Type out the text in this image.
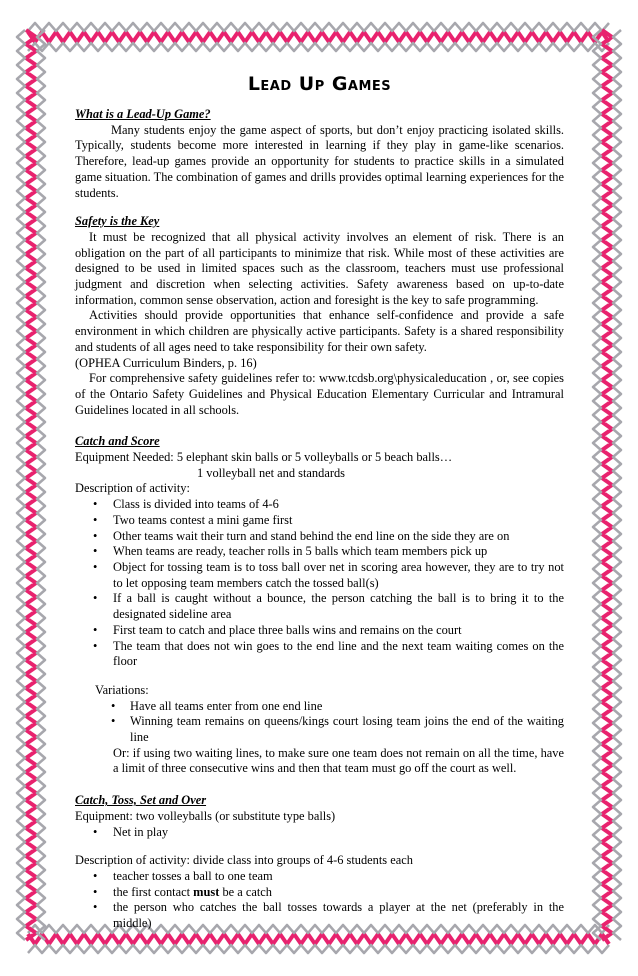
Lead Up Games

What is a Lead-Up Game?

Many students enjoy the game aspect of sports, but don’t enjoy practicing isolated skills. Typically, students become more interested in learning if they play in game-like scenarios. Therefore, lead-up games provide an opportunity for students to practice skills in a simulated game situation. The combination of games and drills provides optimal learning experiences for the students.

Safety is the Key

It must be recognized that all physical activity involves an element of risk. There is an obligation on the part of all participants to minimize that risk. While most of these activities are designed to be used in limited spaces such as the classroom, teachers must use professional judgment and discretion when selecting activities. Safety awareness based on up-to-date information, common sense observation, action and foresight is the key to safe programming.

Activities should provide opportunities that enhance self-confidence and provide a safe environment in which children are physically active participants. Safety is a shared responsibility and students of all ages need to take responsibility for their own safety.

(OPHEA Curriculum Binders, p. 16)

For comprehensive safety guidelines refer to: www.tcdsb.org\physicaleducation , or, see copies of the Ontario Safety Guidelines and Physical Education Elementary Curricular and Intramural Guidelines located in all schools.

Catch and Score

Equipment Needed: 5 elephant skin balls or 5 volleyballs or 5 beach balls…

1 volleyball net and standards

Description of activity:

• Class is divided into teams of 4-6
• Two teams contest a mini game first
• Other teams wait their turn and stand behind the end line on the side they are on
• When teams are ready, teacher rolls in 5 balls which team members pick up
• Object for tossing team is to toss ball over net in scoring area however, they are to try not to let opposing team members catch the tossed ball(s)
• If a ball is caught without a bounce, the person catching the ball is to bring it to the designated sideline area
• First team to catch and place three balls wins and remains on the court
• The team that does not win goes to the end line and the next team waiting comes on the floor

Variations:

• Have all teams enter from one end line
• Winning team remains on queens/kings court losing team joins the end of the waiting line

Or: if using two waiting lines, to make sure one team does not remain on all the time, have a limit of three consecutive wins and then that team must go off the court as well.

Catch, Toss, Set and Over

Equipment: two volleyballs (or substitute type balls)

• Net in play

Description of activity: divide class into groups of 4-6 students each

• teacher tosses a ball to one team
• the first contact must be a catch
• the person who catches the ball tosses towards a player at the net (preferably in the middle)
